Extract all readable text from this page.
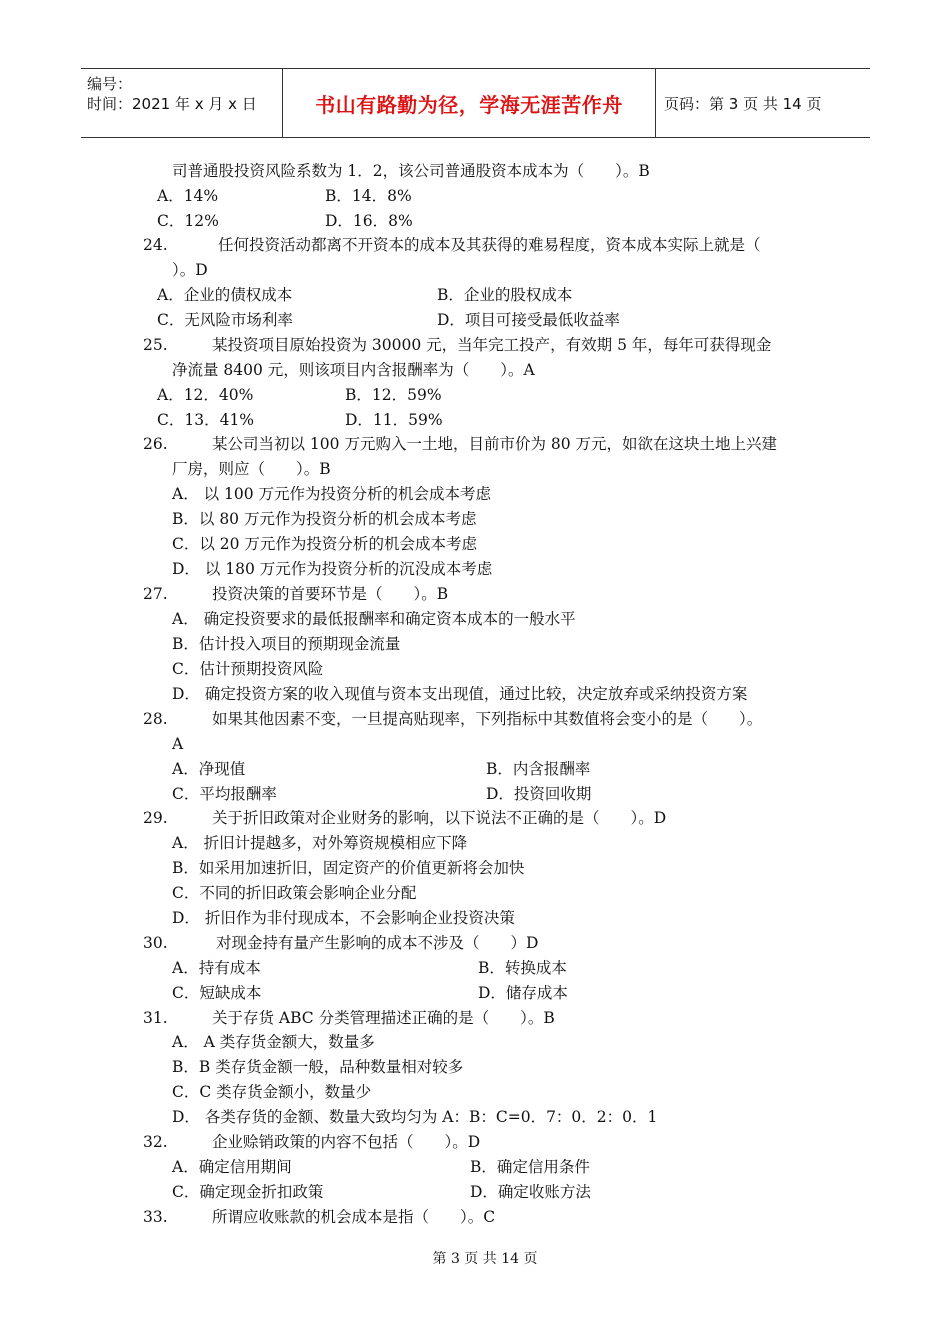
编号：
时间：2021 年 x 月 x 日	书山有路勤为径，学海无涯苦作舟	页码：第 3 页 共 14 页
司普通股投资风险系数为 1．2，该公司普通股资本成本为（　　）。B
A．14%	B．14．8%
C．12%	D．16．8%
24.	任何投资活动都离不开资本的成本及其获得的难易程度，资本成本实际上就是（
）。D
A．企业的债权成本	B．企业的股权成本
C．无风险市场利率	D．项目可接受最低收益率
25.	某投资项目原始投资为 30000 元，当年完工投产，有效期 5 年，每年可获得现金
净流量 8400 元，则该项目内含报酬率为（　　）。A
A．12．40%	B．12．59%
C．13．41%	D．11．59%
26.	某公司当初以 100 万元购入一土地，目前市价为 80 万元，如欲在这块土地上兴建
厂房，则应（　　）。B
A． 以 100 万元作为投资分析的机会成本考虑
B．以 80 万元作为投资分析的机会成本考虑
C．以 20 万元作为投资分析的机会成本考虑
D． 以 180 万元作为投资分析的沉没成本考虑
27.	投资决策的首要环节是（　　）。B
A． 确定投资要求的最低报酬率和确定资本成本的一般水平
B．估计投入项目的预期现金流量
C．估计预期投资风险
D． 确定投资方案的收入现值与资本支出现值，通过比较，决定放弃或采纳投资方案
28.	如果其他因素不变，一旦提高贴现率，下列指标中其数值将会变小的是（　　）。
A
A．净现值	B．内含报酬率
C．平均报酬率	D．投资回收期
29.	关于折旧政策对企业财务的影响，以下说法不正确的是（　　）。D
A． 折旧计提越多，对外筹资规模相应下降
B．如采用加速折旧，固定资产的价值更新将会加快
C．不同的折旧政策会影响企业分配
D． 折旧作为非付现成本，不会影响企业投资决策
30.	对现金持有量产生影响的成本不涉及（　　）D
A．持有成本	B．转换成本
C．短缺成本	D．储存成本
31.	关于存货 ABC 分类管理描述正确的是（　　）。B
A． A 类存货金额大，数量多
B．B 类存货金额一般，品种数量相对较多
C．C 类存货金额小，数量少
D． 各类存货的金额、数量大致均匀为 A：B：C=0．7：0．2：0．1
32.	企业赊销政策的内容不包括（　　）。D
A．确定信用期间	B．确定信用条件
C．确定现金折扣政策	D．确定收账方法
33.	所谓应收账款的机会成本是指（　　）。C
第 3 页 共 14 页
